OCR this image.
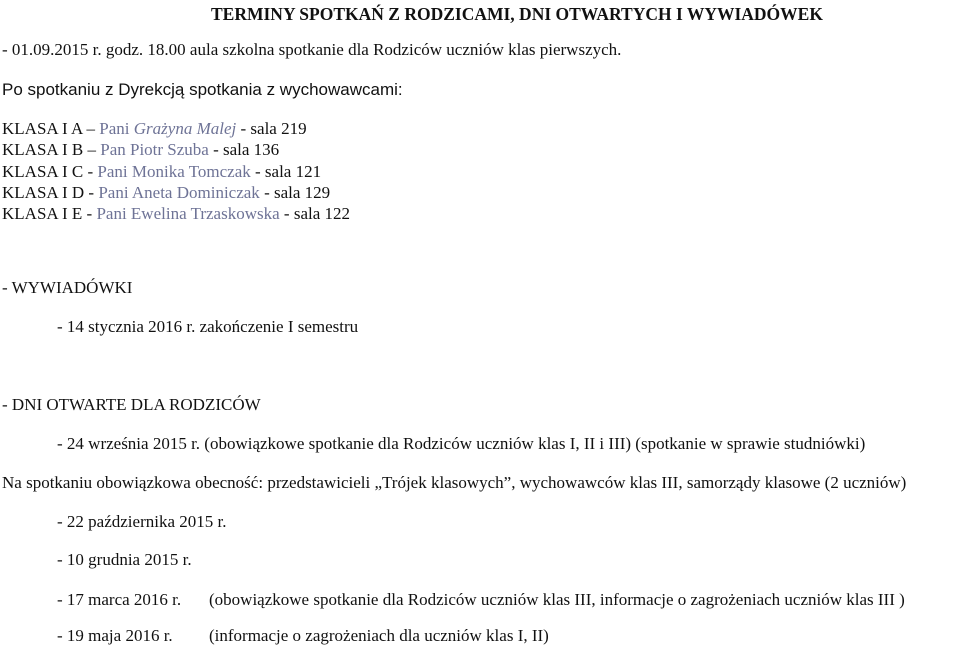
TERMINY SPOTKAŃ Z RODZICAMI, DNI OTWARTYCH I WYWIADÓWEK
- 01.09.2015 r. godz. 18.00 aula szkolna spotkanie dla Rodziców uczniów klas pierwszych.
Po spotkaniu z Dyrekcją spotkania z wychowawcami:
KLASA I A – Pani Grażyna Malej - sala 219
KLASA I B – Pan Piotr Szuba - sala 136
KLASA I C - Pani Monika Tomczak - sala 121
KLASA I D - Pani Aneta Dominiczak - sala 129
KLASA I E - Pani Ewelina Trzaskowska - sala 122
- WYWIADÓWKI
- 14 stycznia 2016 r. zakończenie I semestru
- DNI OTWARTE DLA RODZICÓW
- 24 września 2015 r. (obowiązkowe spotkanie dla Rodziców uczniów klas I, II i III) (spotkanie w sprawie studniówki)
Na spotkaniu obowiązkowa obecność: przedstawicieli „Trójek klasowych”, wychowawców klas III, samorządy klasowe (2 uczniów)
- 22 października 2015 r.
- 10 grudnia 2015 r.
- 17 marca 2016 r. (obowiązkowe spotkanie dla Rodziców uczniów klas III, informacje o zagrożeniach uczniów klas III )
- 19 maja 2016 r. (informacje o zagrożeniach dla uczniów klas I, II)
